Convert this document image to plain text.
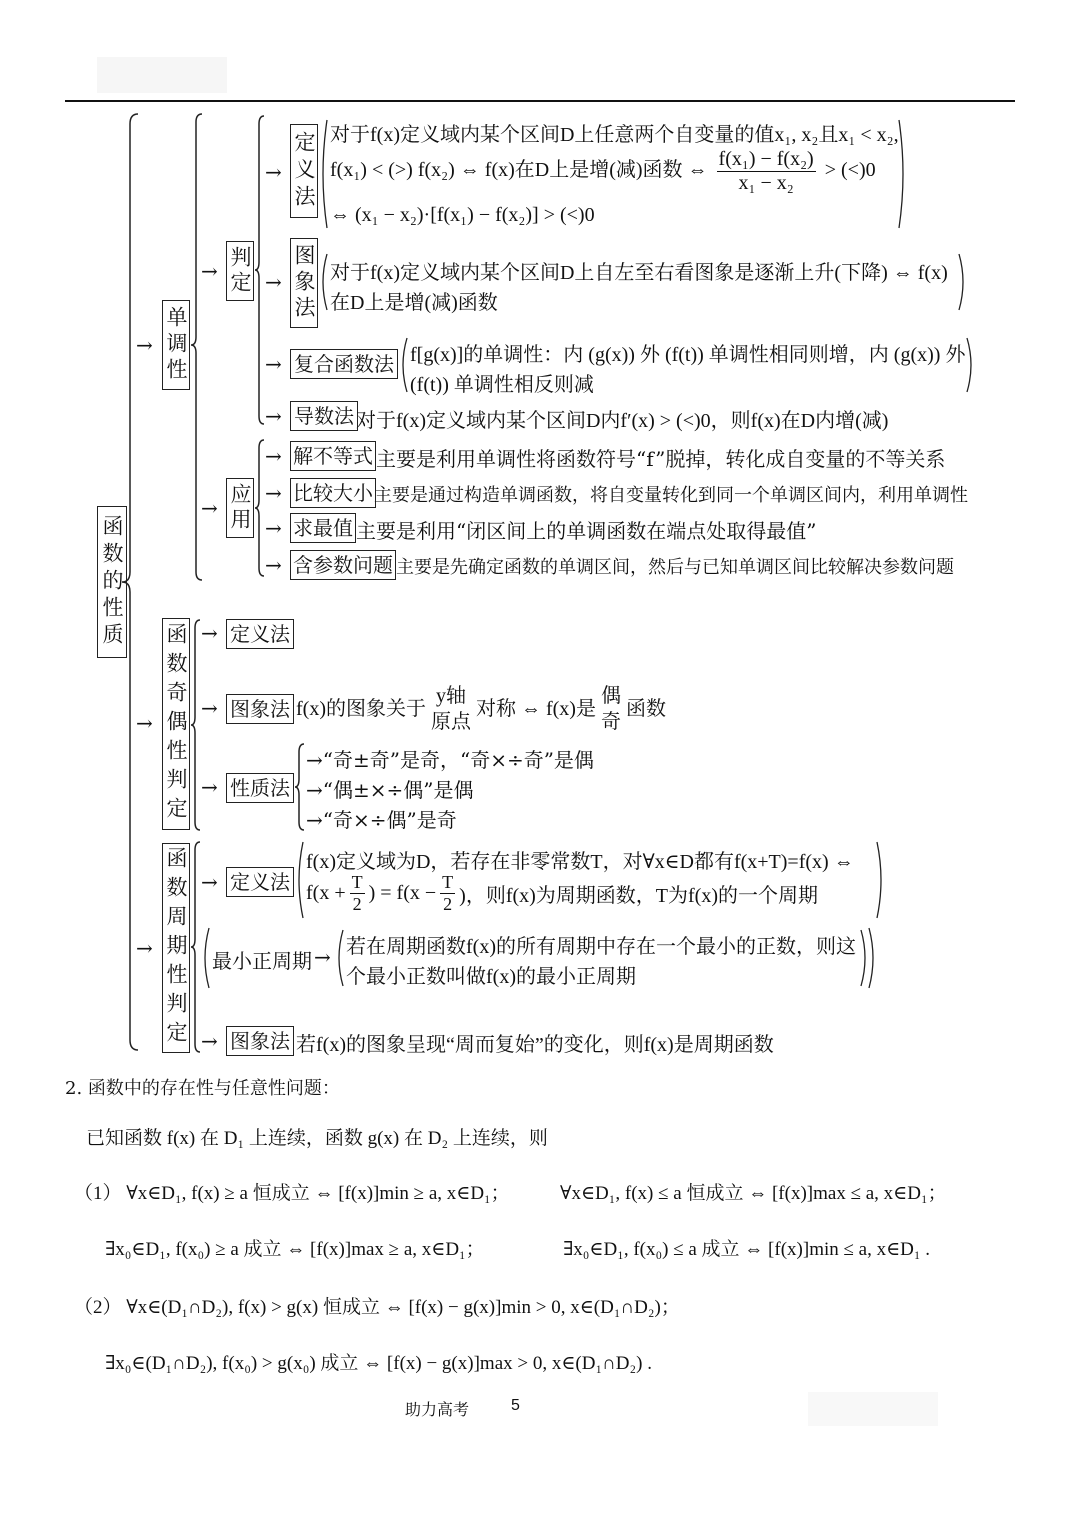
函数的性质
→ 单调性
→ 判定
→ 定义法 对于f(x)定义域内某个区间D上任意两个自变量的值x₁, x₂且x₁ < x₂,
f(x₁) < (>) f(x₂) ⇔ f(x)在D上是增(减)函数 ⇔ $\frac{\text{f(x₁) − f(x₂)}}{\text{x₁ − x₂}} > (<)0$
⇔ (x₁ − x₂)·[f(x₁) − f(x₂)] > (<)0
→ 图象法 对于f(x)定义域内某个区间D上自左至右看图象是逐渐上升(下降) ⇔ f(x)
在D上是增(减)函数
→ 复合函数法 f[g(x)]的单调性：内 (g(x)) 外 (f(t)) 单调性相同则增，内 (g(x)) 外
(f(t)) 单调性相反则减
→ 导数法 对于f(x)定义域内某个区间D内f′(x) > (<)0，则f(x)在D内增(减)
→ 应用
→ 解不等式 主要是利用单调性将函数符号“f”脱掉，转化成自变量的不等关系
→ 比较大小 主要是通过构造单调函数，将自变量转化到同一个单调区间内，利用单调性
→ 求最值 主要是利用“闭区间上的单调函数在端点处取得最值”
→ 含参数问题 主要是先确定函数的单调区间，然后与已知单调区间比较解决参数问题
→ 函数奇偶性判定 → 定义法
→ 图象法 f(x)的图象关于
y轴
原点
对称 ⇔ f(x)是
偶
奇
函数
→ 性质法
→“奇±奇”是奇，“奇×÷奇”是偶
→“偶±×÷偶”是偶
→“奇×÷偶”是奇
→ 函数周期性判定 → 定义法
f(x)定义域为D，若存在非零常数T，对∀x∈D都有f(x+T)=f(x) ⇔
$f(x + \frac{T}{2}$ ) = $f(x - \frac{T}{2}$ )，则f(x)为周期函数，T为f(x)的一个周期
最小正周期 → 若在周期函数f(x)的所有周期中存在一个最小的正数，则这
个最小正数叫做f(x)的最小正周期
→ 图象法 若f(x)的图象呈现“周而复始”的变化，则f(x)是周期函数
2. 函数中的存在性与任意性问题：
已知函数 f(x) 在 D₁ 上连续，函数 g(x) 在 D₂ 上连续，则
（1） ∀x∈D₁, f(x) ≥ a 恒成立 ⇔ [f(x)]min ≥ a, x∈D₁；	∀x∈D₁, f(x) ≤ a 恒成立 ⇔ [f(x)]max ≤ a, x∈D₁；
∃x₀∈D₁, f(x₀) ≥ a 成立 ⇔ [f(x)]max ≥ a, x∈D₁；	∃x₀∈D₁, f(x₀) ≤ a 成立 ⇔ [f(x)]min ≤ a, x∈D₁ .
（2） ∀x∈(D₁∩D₂), f(x) > g(x) 恒成立 ⇔ [f(x) − g(x)]min > 0, x∈(D₁∩D₂)；
∃x₀∈(D₁∩D₂), f(x₀) > g(x₀) 成立 ⇔ [f(x) − g(x)]max > 0, x∈(D₁∩D₂) .
助力高考	5
